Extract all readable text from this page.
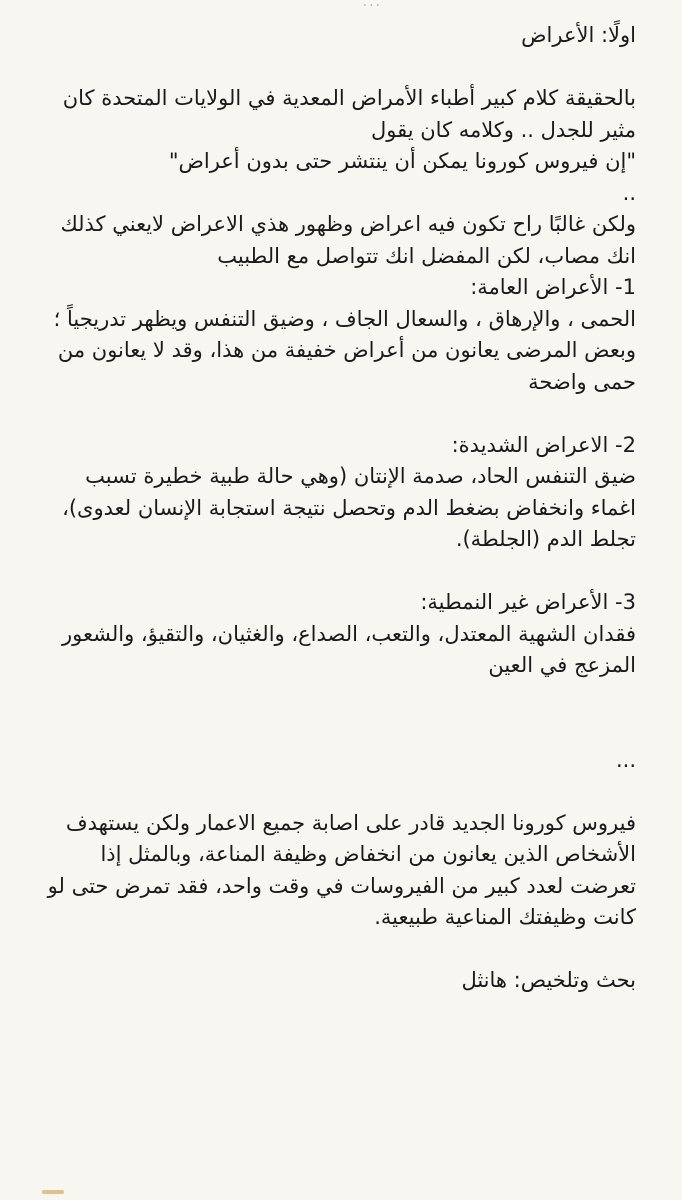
اولًا: الأعراض

بالحقيقة كلام كبير أطباء الأمراض المعدية في الولايات المتحدة كان مثير للجدل .. وكلامه كان يقول
"إن فيروس كورونا يمكن أن ينتشر حتى بدون أعراض"
..

ولكن غالبًا راح تكون فيه اعراض وظهور هذي الاعراض لايعني كذلك انك مصاب، لكن المفضل انك تتواصل مع الطبيب

1- الأعراض العامة:

الحمى ، والإرهاق ، والسعال الجاف ، وضيق التنفس ويظهر تدريجياً ؛ وبعض المرضى يعانون من أعراض خفيفة من هذا، وقد لا يعانون من حمى واضحة

2- الاعراض الشديدة:

ضيق التنفس الحاد، صدمة الإنتان (وهي حالة طبية خطيرة تسبب اغماء وانخفاض بضغط الدم وتحصل نتيجة استجابة الإنسان لعدوى)، تجلط الدم (الجلطة).

3- الأعراض غير النمطية:

فقدان الشهية المعتدل، والتعب، الصداع، والغثيان، والتقيؤ، والشعور المزعج في العين

...

فيروس كورونا الجديد قادر على اصابة جميع الاعمار ولكن يستهدف الأشخاص الذين يعانون من انخفاض وظيفة المناعة، وبالمثل إذا تعرضت لعدد كبير من الفيروسات في وقت واحد، فقد تمرض حتى لو كانت وظيفتك المناعية طبيعية.

بحث وتلخيص: هانثل
